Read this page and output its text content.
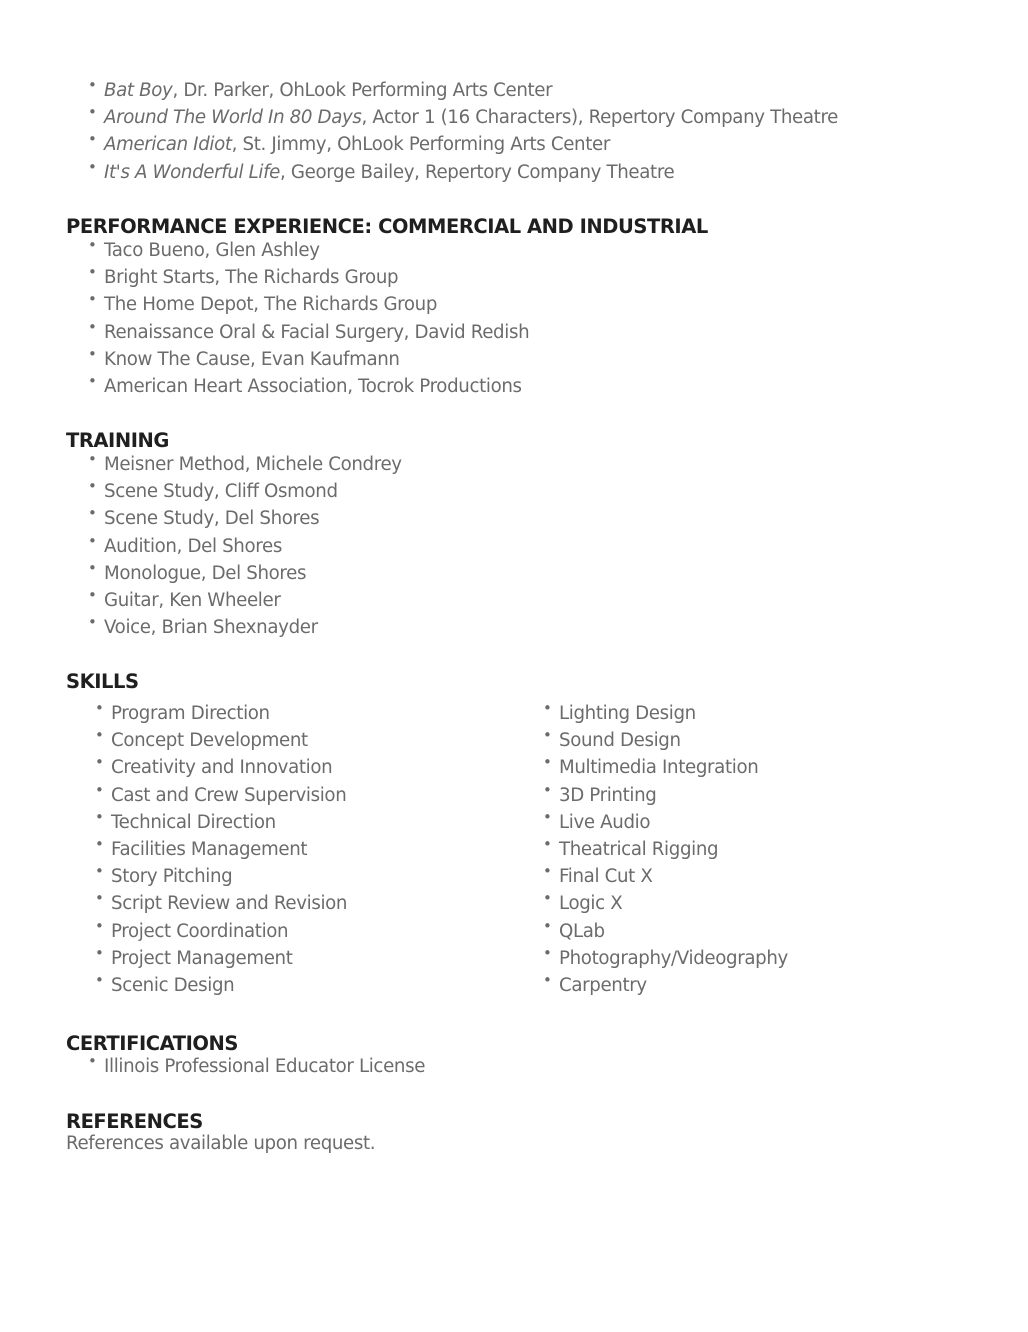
• Bat Boy, Dr. Parker, OhLook Performing Arts Center
• Around The World In 80 Days, Actor 1 (16 Characters), Repertory Company Theatre
• American Idiot, St. Jimmy, OhLook Performing Arts Center
• It's A Wonderful Life, George Bailey, Repertory Company Theatre
PERFORMANCE EXPERIENCE: COMMERCIAL AND INDUSTRIAL
• Taco Bueno, Glen Ashley
• Bright Starts, The Richards Group
• The Home Depot, The Richards Group
• Renaissance Oral & Facial Surgery, David Redish
• Know The Cause, Evan Kaufmann
• American Heart Association, Tocrok Productions
TRAINING
• Meisner Method, Michele Condrey
• Scene Study, Cliff Osmond
• Scene Study, Del Shores
• Audition, Del Shores
• Monologue, Del Shores
• Guitar, Ken Wheeler
• Voice, Brian Shexnayder
SKILLS
• Program Direction
• Concept Development
• Creativity and Innovation
• Cast and Crew Supervision
• Technical Direction
• Facilities Management
• Story Pitching
• Script Review and Revision
• Project Coordination
• Project Management
• Scenic Design
• Lighting Design
• Sound Design
• Multimedia Integration
• 3D Printing
• Live Audio
• Theatrical Rigging
• Final Cut X
• Logic X
• QLab
• Photography/Videography
• Carpentry
CERTIFICATIONS
• Illinois Professional Educator License
REFERENCES
References available upon request.
